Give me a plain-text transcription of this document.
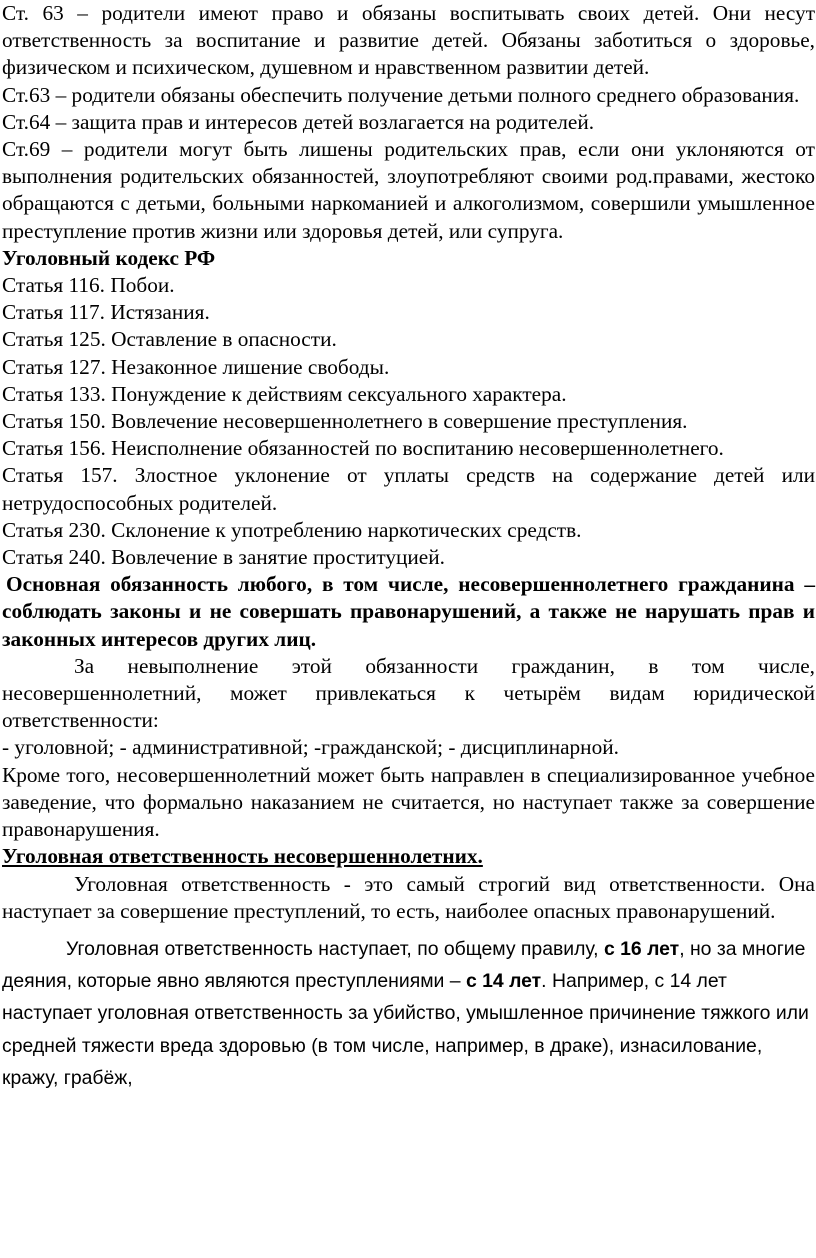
Ст. 63 – родители имеют право и обязаны воспитывать своих детей. Они несут ответственность за воспитание и развитие детей. Обязаны заботиться о здоровье, физическом и психическом, душевном и нравственном развитии детей.

Ст.63 – родители обязаны обеспечить получение детьми полного среднего образования.

Ст.64 – защита прав и интересов детей возлагается на родителей.

Ст.69 – родители могут быть лишены родительских прав, если они уклоняются от выполнения родительских обязанностей, злоупотребляют своими род.правами, жестоко обращаются с детьми, больными наркоманией и алкоголизмом, совершили умышленное преступление против жизни или здоровья детей, или супруга.

Уголовный кодекс РФ

Статья 116. Побои.

Статья 117. Истязания.

Статья 125. Оставление в опасности.

Статья 127. Незаконное лишение свободы.

Статья 133. Понуждение к действиям сексуального характера.

Статья 150. Вовлечение несовершеннолетнего в совершение преступления.

Статья 156. Неисполнение обязанностей по воспитанию несовершеннолетнего.

Статья 157. Злостное уклонение от уплаты средств на содержание детей или нетрудоспособных родителей.

Статья 230. Склонение к употреблению наркотических средств.

Статья 240. Вовлечение в занятие проституцией.

Основная обязанность любого, в том числе, несовершеннолетнего гражданина – соблюдать законы и не совершать правонарушений, а также не нарушать прав и законных интересов других лиц.

За невыполнение этой обязанности гражданин, в том числе, несовершеннолетний, может привлекаться к четырём видам юридической ответственности:

- уголовной; - административной; -гражданской; - дисциплинарной.

Кроме того, несовершеннолетний может быть направлен в специализированное учебное заведение, что формально наказанием не считается, но наступает также за совершение правонарушения.

Уголовная ответственность несовершеннолетних.

Уголовная ответственность - это самый строгий вид ответственности. Она наступает за совершение преступлений, то есть, наиболее опасных правонарушений.

Уголовная ответственность наступает, по общему правилу, с 16 лет, но за многие деяния, которые явно являются преступлениями – с 14 лет. Например, с 14 лет наступает уголовная ответственность за убийство, умышленное причинение тяжкого или средней тяжести вреда здоровью (в том числе, например, в драке), изнасилование, кражу, грабёж,
